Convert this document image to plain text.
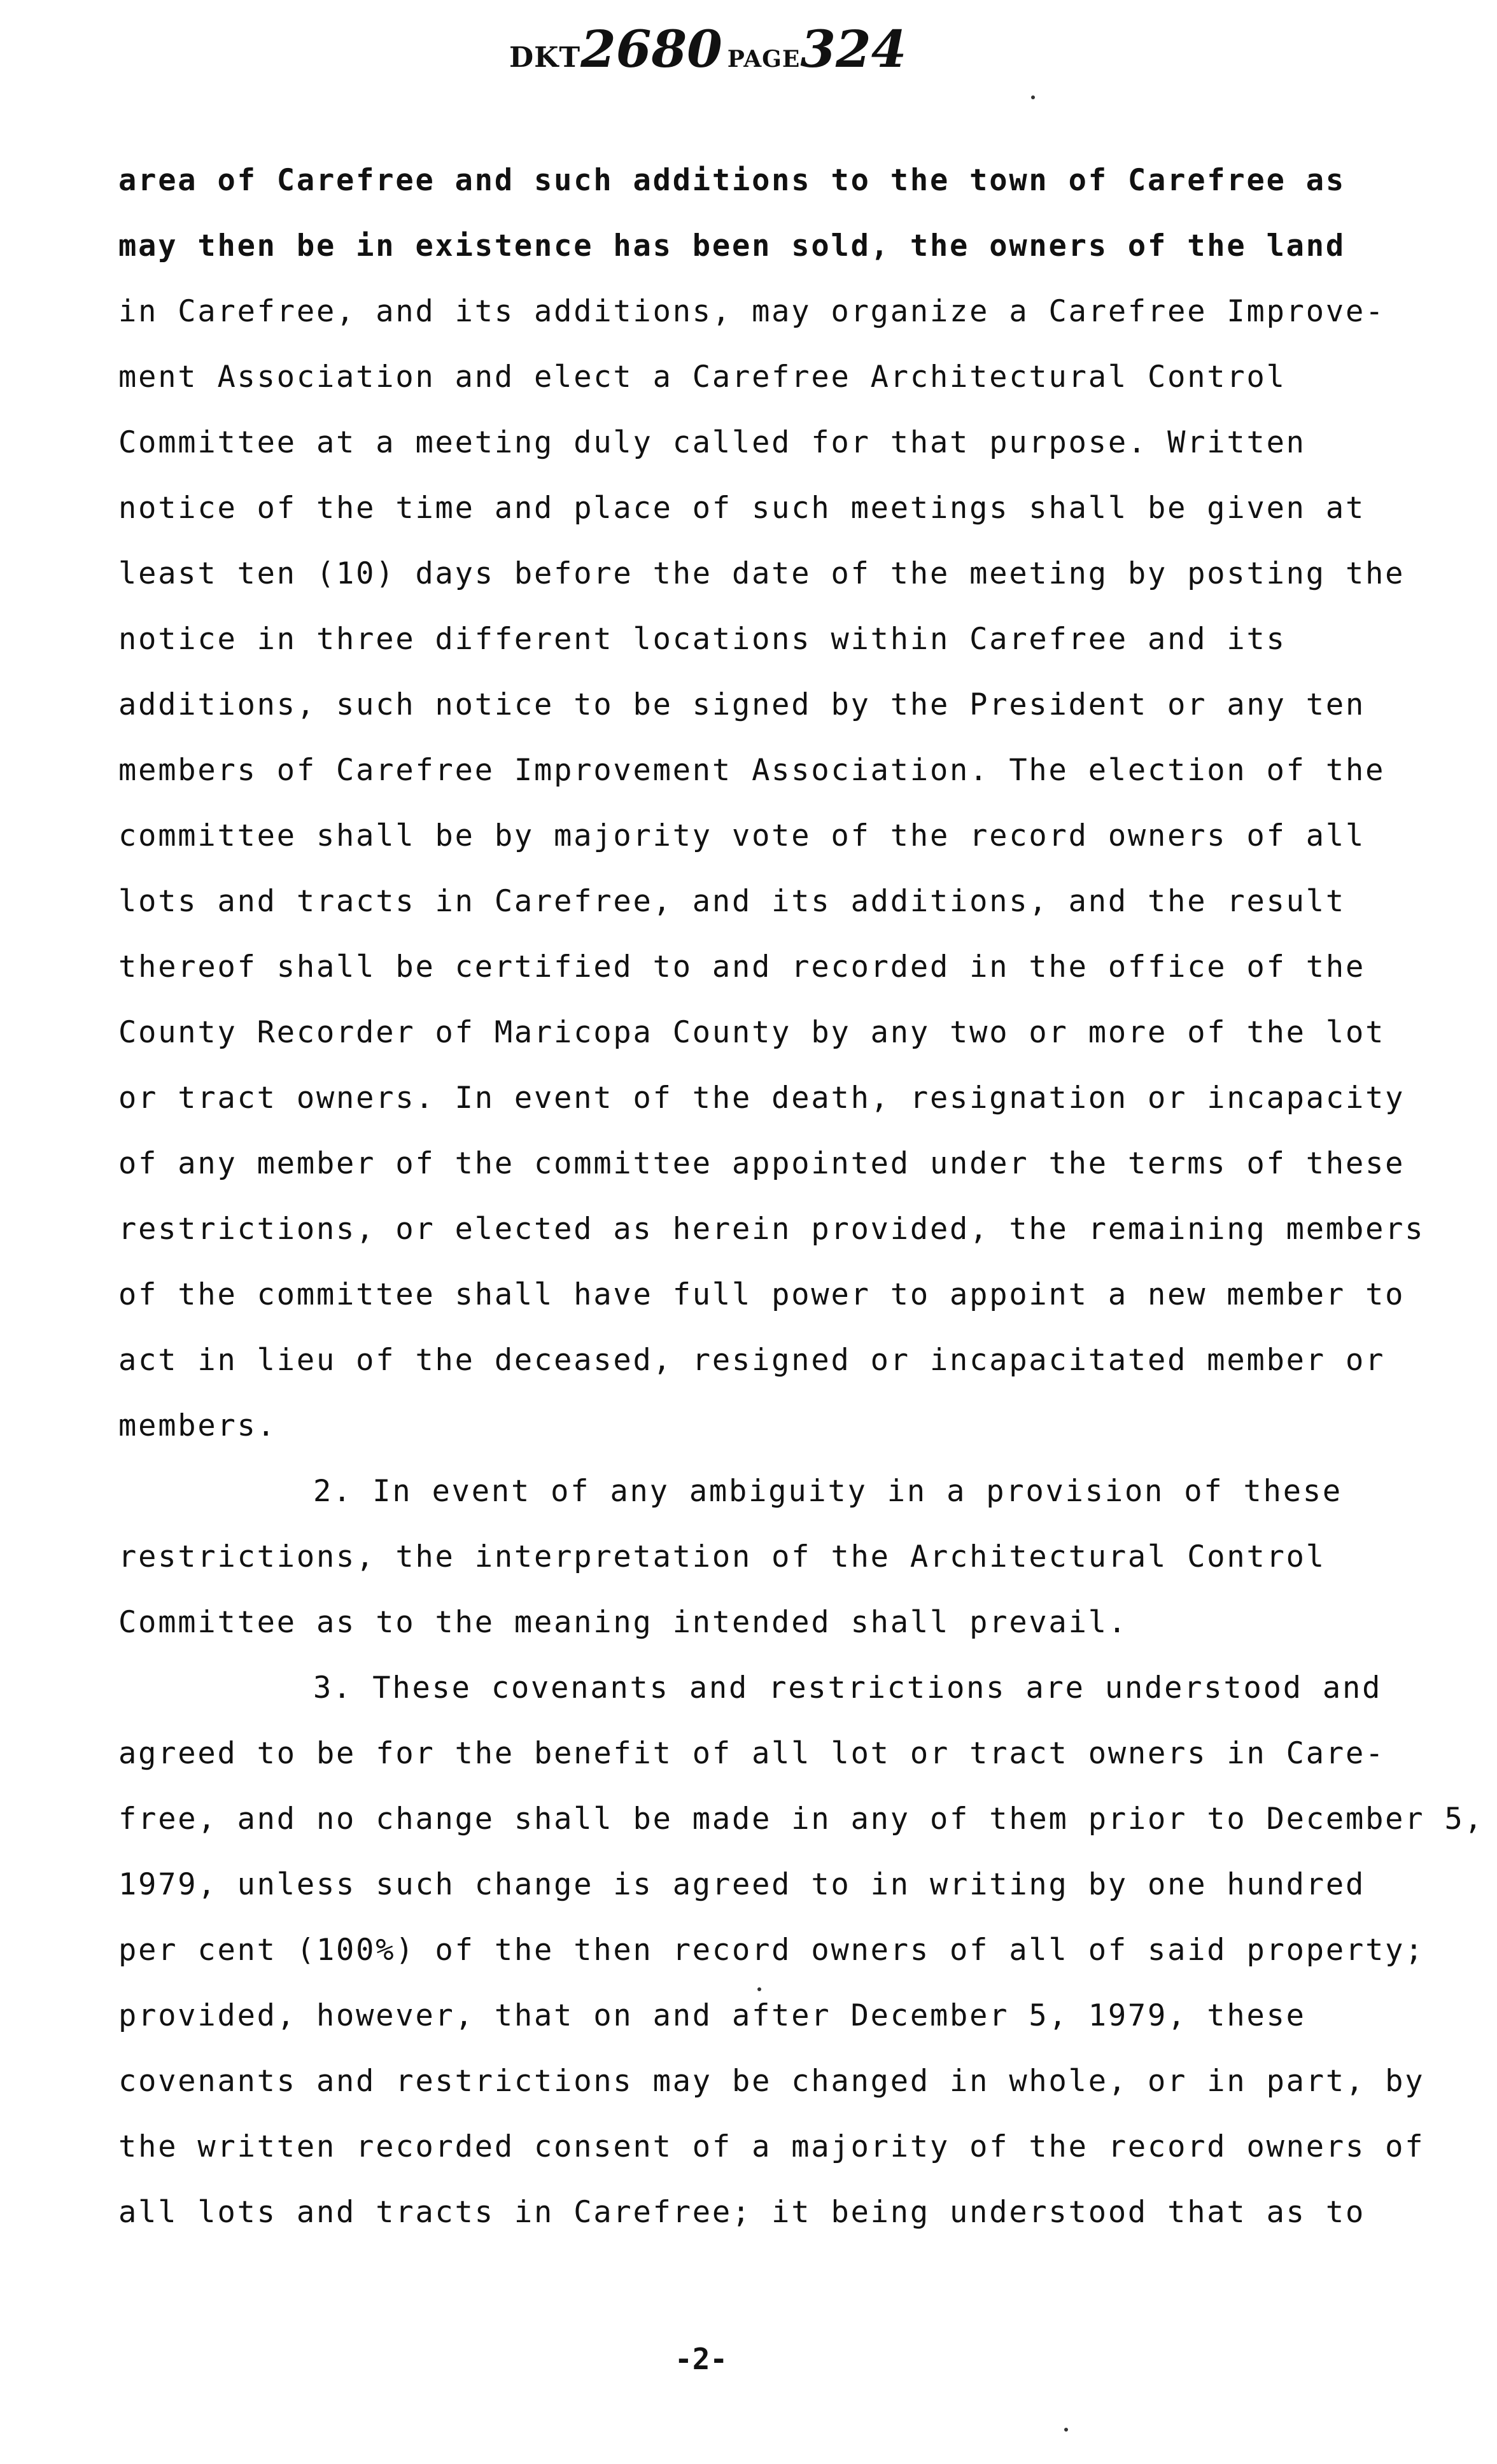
DKT2680 PAGE324
area of Carefree and such additions to the town of Carefree as
may then be in existence has been sold, the owners of the land
in Carefree, and its additions, may organize a Carefree Improve-
ment Association and elect a Carefree Architectural Control
Committee at a meeting duly called for that purpose. Written
notice of the time and place of such meetings shall be given at
least ten (10) days before the date of the meeting by posting the
notice in three different locations within Carefree and its
additions, such notice to be signed by the President or any ten
members of Carefree Improvement Association. The election of the
committee shall be by majority vote of the record owners of all
lots and tracts in Carefree, and its additions, and the result
thereof shall be certified to and recorded in the office of the
County Recorder of Maricopa County by any two or more of the lot
or tract owners. In event of the death, resignation or incapacity
of any member of the committee appointed under the terms of these
restrictions, or elected as herein provided, the remaining members
of the committee shall have full power to appoint a new member to
act in lieu of the deceased, resigned or incapacitated member or
members.
2. In event of any ambiguity in a provision of these
restrictions, the interpretation of the Architectural Control
Committee as to the meaning intended shall prevail.
3. These covenants and restrictions are understood and
agreed to be for the benefit of all lot or tract owners in Care-
free, and no change shall be made in any of them prior to December 5,
1979, unless such change is agreed to in writing by one hundred
per cent (100%) of the then record owners of all of said property;
provided, however, that on and after December 5, 1979, these
covenants and restrictions may be changed in whole, or in part, by
the written recorded consent of a majority of the record owners of
all lots and tracts in Carefree; it being understood that as to
-2-
